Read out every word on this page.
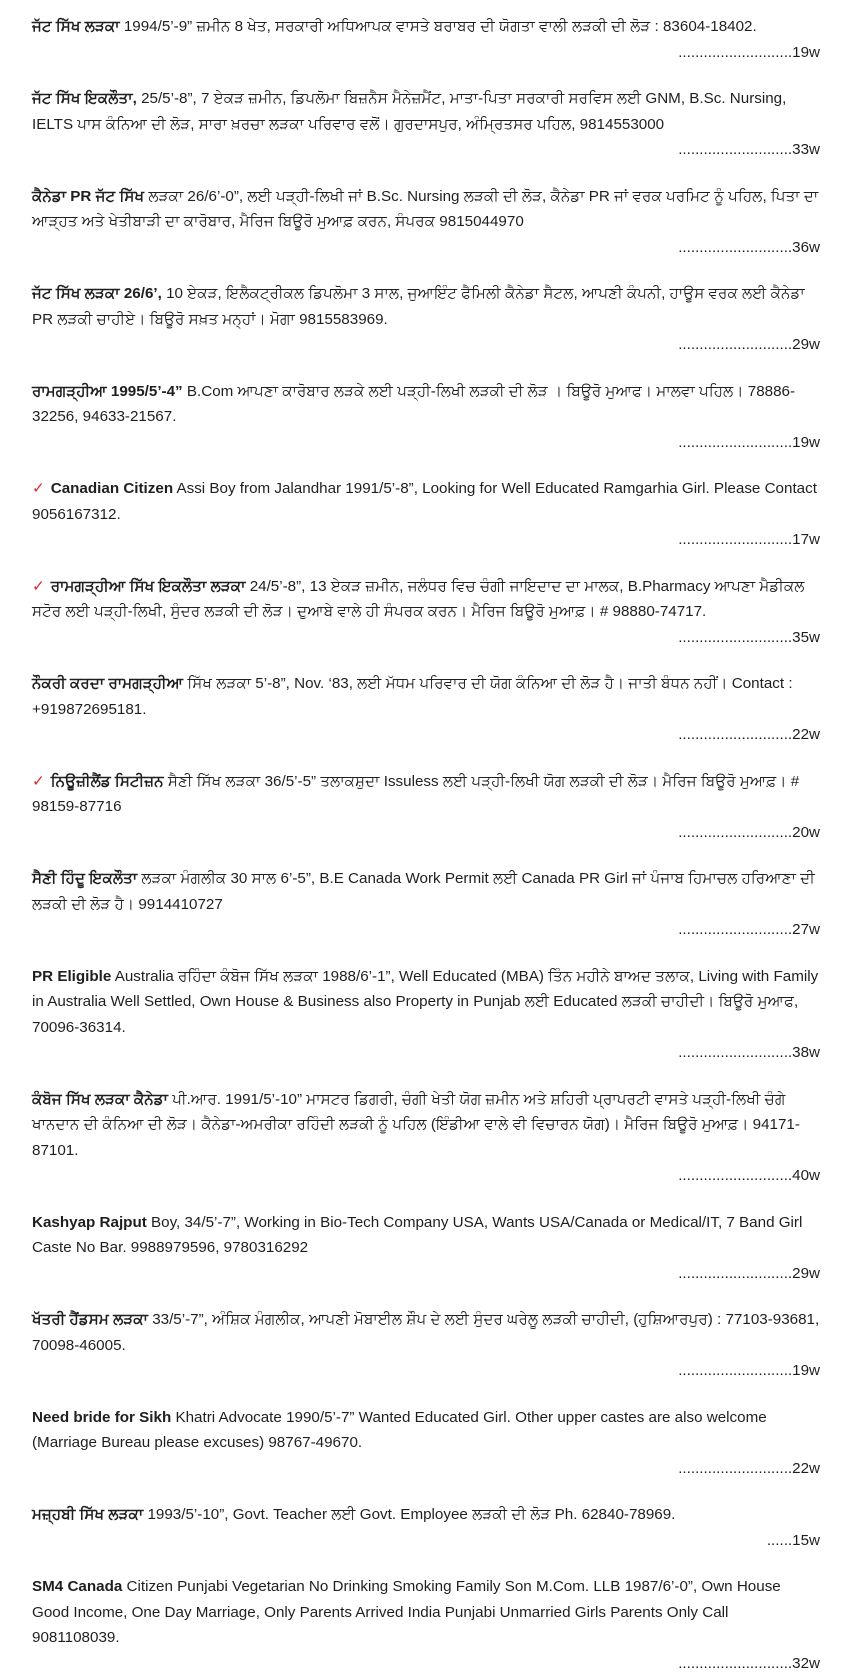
ਜੱਟ ਸਿੱਖ ਲੜਕਾ 1994/5’-9” ਜ਼ਮੀਨ 8 ਖੇਤ, ਸਰਕਾਰੀ ਅਧਿਆਪਕ ਵਾਸਤੇ ਬਰਾਬਰ ਦੀ ਯੋਗਤਾ ਵਾਲੀ ਲੜਕੀ ਦੀ ਲੋੜ : 83604-18402.
...........................19w
ਜੱਟ ਸਿੱਖ ਇਕਲੌਤਾ, 25/5’-8”, 7 ਏਕੜ ਜ਼ਮੀਨ, ਡਿਪਲੋਮਾ ਬਿਜ਼ਨੈਸ ਮੈਨੇਜ਼ਮੈਂਟ, ਮਾਤਾ-ਪਿਤਾ ਸਰਕਾਰੀ ਸਰਵਿਸ ਲਈ GNM, B.Sc. Nursing, IELTS ਪਾਸ ਕੰਨਿਆ ਦੀ ਲੋੜ, ਸਾਰਾ ਖ਼ਰਚਾ ਲੜਕਾ ਪਰਿਵਾਰ ਵਲੋਂ। ਗੁਰਦਾਸਪੁਰ, ਅੰਮ੍ਰਿਤਸਰ ਪਹਿਲ, 9814553000
...........................33w
ਕੈਨੇਡਾ PR ਜੱਟ ਸਿੱਖ ਲੜਕਾ 26/6’-0”, ਲਈ ਪੜ੍ਹੀ-ਲਿਖੀ ਜਾਂ B.Sc. Nursing ਲੜਕੀ ਦੀ ਲੋੜ, ਕੈਨੇਡਾ PR ਜਾਂ ਵਰਕ ਪਰਮਿਟ ਨੂੰ ਪਹਿਲ, ਪਿਤਾ ਦਾ ਆੜ੍ਹਤ ਅਤੇ ਖੇਤੀਬਾੜੀ ਦਾ ਕਾਰੋਬਾਰ, ਮੈਰਿਜ ਬਿਊਰੋ ਮੁਆਫ਼ ਕਰਨ, ਸੰਪਰਕ 9815044970
...........................36w
ਜੱਟ ਸਿੱਖ ਲੜਕਾ 26/6’, 10 ਏਕੜ, ਇਲੈਕਟ੍ਰੀਕਲ ਡਿਪਲੋਮਾ 3 ਸਾਲ, ਜੁਆਇੰਟ ਫੈਮਿਲੀ ਕੈਨੇਡਾ ਸੈਟਲ, ਆਪਣੀ ਕੰਪਨੀ, ਹਾਊਸ ਵਰਕ ਲਈ ਕੈਨੇਡਾ PR ਲੜਕੀ ਚਾਹੀਏ। ਬਿਊਰੋ ਸਖ਼ਤ ਮਨ੍ਹਾਂ। ਮੋਗਾ 9815583969.
...........................29w
ਰਾਮਗੜ੍ਹੀਆ 1995/5’-4” B.Com ਆਪਣਾ ਕਾਰੋਬਾਰ ਲੜਕੇ ਲਈ ਪੜ੍ਹੀ-ਲਿਖੀ ਲੜਕੀ ਦੀ ਲੋੜ । ਬਿਊਰੋ ਮੁਆਫ। ਮਾਲਵਾ ਪਹਿਲ। 78886-32256, 94633-21567.
...........................19w
✓ Canadian Citizen Assi Boy from Jalandhar 1991/5’-8”, Looking for Well Educated Ramgarhia Girl. Please Contact 9056167312.
...........................17w
✓ ਰਾਮਗੜ੍ਹੀਆ ਸਿੱਖ ਇਕਲੌਤਾ ਲੜਕਾ 24/5’-8”, 13 ਏਕੜ ਜ਼ਮੀਨ, ਜਲੰਧਰ ਵਿਚ ਚੰਗੀ ਜਾਇਦਾਦ ਦਾ ਮਾਲਕ, B.Pharmacy ਆਪਣਾ ਮੈਡੀਕਲ ਸਟੋਰ ਲਈ ਪੜ੍ਹੀ-ਲਿਖੀ, ਸੁੰਦਰ ਲੜਕੀ ਦੀ ਲੋੜ। ਦੁਆਬੇ ਵਾਲੇ ਹੀ ਸੰਪਰਕ ਕਰਨ। ਮੈਰਿਜ ਬਿਊਰੋ ਮੁਆਫ਼। # 98880-74717.
...........................35w
ਨੌਕਰੀ ਕਰਦਾ ਰਾਮਗੜ੍ਹੀਆ ਸਿੱਖ ਲੜਕਾ 5’-8”, Nov. ‘83, ਲਈ ਮੱਧਮ ਪਰਿਵਾਰ ਦੀ ਯੋਗ ਕੰਨਿਆ ਦੀ ਲੋੜ ਹੈ। ਜਾਤੀ ਬੰਧਨ ਨਹੀਂ। Contact : +919872695181.
...........................22w
✓ ਨਿਊਜ਼ੀਲੈਂਡ ਸਿਟੀਜ਼ਨ ਸੈਣੀ ਸਿੱਖ ਲੜਕਾ 36/5’-5” ਤਲਾਕਸ਼ੁਦਾ Issuless ਲਈ ਪੜ੍ਹੀ-ਲਿਖੀ ਯੋਗ ਲੜਕੀ ਦੀ ਲੋੜ। ਮੈਰਿਜ ਬਿਊਰੋ ਮੁਆਫ਼। # 98159-87716
...........................20w
ਸੈਣੀ ਹਿੰਦੂ ਇਕਲੌਤਾ ਲੜਕਾ ਮੰਗਲੀਕ 30 ਸਾਲ 6’-5”, B.E Canada Work Permit ਲਈ Canada PR Girl ਜਾਂ ਪੰਜਾਬ ਹਿਮਾਚਲ ਹਰਿਆਣਾ ਦੀ ਲੜਕੀ ਦੀ ਲੋੜ ਹੈ। 9914410727
...........................27w
PR Eligible Australia ਰਹਿੰਦਾ ਕੰਬੋਜ ਸਿੱਖ ਲੜਕਾ 1988/6’-1”, Well Educated (MBA) ਤਿੰਨ ਮਹੀਨੇ ਬਾਅਦ ਤਲਾਕ, Living with Family in Australia Well Settled, Own House & Business also Property in Punjab ਲਈ Educated ਲੜਕੀ ਚਾਹੀਦੀ। ਬਿਊਰੋ ਮੁਆਫ, 70096-36314.
...........................38w
ਕੰਬੋਜ ਸਿੱਖ ਲੜਕਾ ਕੈਨੇਡਾ ਪੀ.ਆਰ. 1991/5’-10” ਮਾਸਟਰ ਡਿਗਰੀ, ਚੰਗੀ ਖੇਤੀ ਯੋਗ ਜ਼ਮੀਨ ਅਤੇ ਸ਼ਹਿਰੀ ਪ੍ਰਾਪਰਟੀ ਵਾਸਤੇ ਪੜ੍ਹੀ-ਲਿਖੀ ਚੰਗੇ ਖਾਨਦਾਨ ਦੀ ਕੰਨਿਆ ਦੀ ਲੋੜ। ਕੈਨੇਡਾ-ਅਮਰੀਕਾ ਰਹਿੰਦੀ ਲੜਕੀ ਨੂੰ ਪਹਿਲ (ਇੰਡੀਆ ਵਾਲੇ ਵੀ ਵਿਚਾਰਨ ਯੋਗ)। ਮੈਰਿਜ ਬਿਊਰੋ ਮੁਆਫ਼। 94171-87101.
...........................40w
Kashyap Rajput Boy, 34/5’-7”, Working in Bio-Tech Company USA, Wants USA/Canada or Medical/IT, 7 Band Girl Caste No Bar. 9988979596, 9780316292
...........................29w
ਖੱਤਰੀ ਹੈਂਡਸਮ ਲੜਕਾ 33/5’-7”, ਅੰਸ਼ਿਕ ਮੰਗਲੀਕ, ਆਪਣੀ ਮੋਬਾਈਲ ਸ਼ੌਪ ਦੇ ਲਈ ਸੁੰਦਰ ਘਰੇਲੂ ਲੜਕੀ ਚਾਹੀਦੀ, (ਹੁਸ਼ਿਆਰਪੁਰ) : 77103-93681, 70098-46005.
...........................19w
Need bride for Sikh Khatri Advocate 1990/5’-7” Wanted Educated Girl. Other upper castes are also welcome (Marriage Bureau please excuses) 98767-49670.
...........................22w
ਮਜ਼੍ਹਬੀ ਸਿੱਖ ਲੜਕਾ 1993/5’-10”, Govt. Teacher ਲਈ Govt. Employee ਲੜਕੀ ਦੀ ਲੋੜ Ph. 62840-78969.
......15w
SM4 Canada Citizen Punjabi Vegetarian No Drinking Smoking Family Son M.Com. LLB 1987/6’-0”, Own House Good Income, One Day Marriage, Only Parents Arrived India Punjabi Unmarried Girls Parents Only Call 9081108039.
...........................32w
